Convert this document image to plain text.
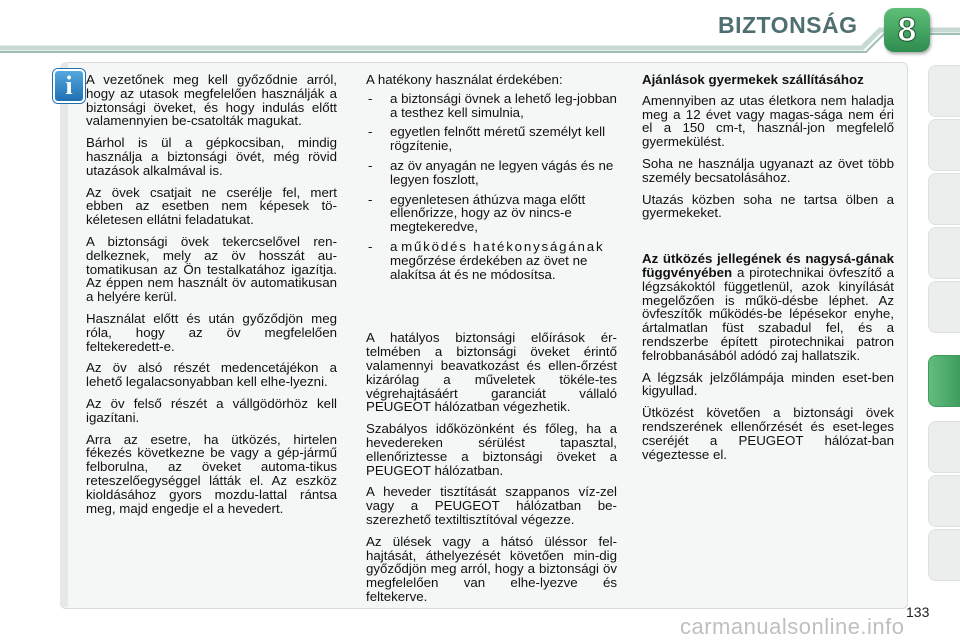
BIZTONSÁG	8
i	A vezetőnek meg kell győződnie arról, hogy az utasok megfelelően használják a biztonsági öveket, és hogy indulás előtt valamennyien be-csatolták magukat.

Bárhol is ül a gépkocsiban, mindig használja a biztonsági övét, még rövid utazások alkalmával is.

Az övek csatjait ne cserélje fel, mert ebben az esetben nem képesek tö-kéletesen ellátni feladatukat.

A biztonsági övek tekercselővel ren-delkeznek, mely az öv hosszát au-tomatikusan az Ön testalkatához igazítja. Az éppen nem használt öv automatikusan a helyére kerül.

Használat előtt és után győződjön meg róla, hogy az öv megfelelően feltekeredett-e.

Az öv alsó részét medencetájékon a lehető legalacsonyabban kell elhe-lyezni.

Az öv felső részét a vállgödörhöz kell igazítani.

Arra az esetre, ha ütközés, hirtelen fékezés következne be vagy a gép-jármű felborulna, az öveket automa-tikus reteszelőegységgel látták el. Az eszköz kioldásához gyors mozdu-lattal rántsa meg, majd engedje el a hevedert.

A hatékony használat érdekében:

- a biztonsági övnek a lehető leg-jobban a testhez kell simulnia,
- egyetlen felnőtt méretű személyt kell rögzítenie,
- az öv anyagán ne legyen vágás és ne legyen foszlott,
- egyenletesen áthúzva maga előtt ellenőrizze, hogy az öv nincs-e megtekeredve,
- a működés hatékonyságának megőrzése érdekében az övet ne alakítsa át és ne módosítsa.

A hatályos biztonsági előírások ér-telmében a biztonsági öveket érintő valamennyi beavatkozást és ellen-őrzést kizárólag a műveletek tökéle-tes végrehajtásáért garanciát vállaló PEUGEOT hálózatban végezhetik.

Szabályos időközönként és főleg, ha a hevedereken sérülést tapasztal, ellenőriztesse a biztonsági öveket a PEUGEOT hálózatban.

A heveder tisztítását szappanos víz-zel vagy a PEUGEOT hálózatban be-szerezhető textiltisztítóval végezze.

Az ülések vagy a hátsó üléssor fel-hajtását, áthelyezését követően min-dig győződjön meg arról, hogy a biztonsági öv megfelelően van elhe-lyezve és feltekerve.

Ajánlások gyermekek szállításához

Amennyiben az utas életkora nem haladja meg a 12 évet vagy magas-sága nem éri el a 150 cm-t, használ-jon megfelelő gyermekülést.

Soha ne használja ugyanazt az övet több személy becsatolásához.

Utazás közben soha ne tartsa ölben a gyermekeket.

Az ütközés jellegének és nagysá-gának függvényében a pirotechnikai övfeszítő a légzsákoktól függetlenül, azok kinyílását megelőzően is műkö-désbe léphet. Az övfeszítők működés-be lépésekor enyhe, ártalmatlan füst szabadul fel, és a rendszerbe épített pirotechnikai patron felrobbanásából adódó zaj hallatszik.

A légzsák jelzőlámpája minden eset-ben kigyullad.

Ütközést követően a biztonsági övek rendszerének ellenőrzését és eset-leges cseréjét a PEUGEOT hálózat-ban végeztesse el.

133
carmanualsonline.info
